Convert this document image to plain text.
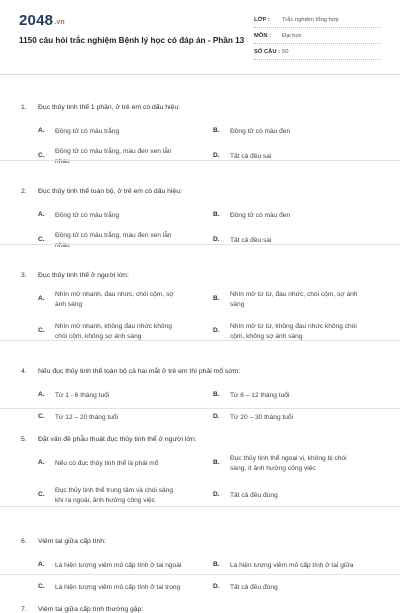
2048.vn
1150 câu hỏi trắc nghiệm Bệnh lý học có đáp án - Phần 13
LỚP : Trắc nghiệm tổng hợp
MÔN : Đại học
SỐ CÂU : 50
1. Đục thủy tinh thể 1 phần, ở trẻ em có dấu hiệu:
A. Đồng tử có màu trắng	B. Đồng tử có màu đen
C.
Đồng tử có màu trắng, màu đen xen lẫn
nhau
D. Tất cả đều sai
2. Đục thủy tinh thể toàn bộ, ở trẻ em có dấu hiệu:
A. Đồng tử có màu trắng	B. Đồng tử có màu đen
C.
Đồng tử có màu trắng, màu đen xen lẫn
nhau
D. Tất cả đều sai
3. Đục thủy tinh thể ở người lớn:
A.
Nhìn mờ nhanh, đau nhức, chói cộm, sợ
ánh sáng
B.
Nhìn mờ từ từ, đau nhức, chói cộm, sợ ánh
sáng
C.
Nhìn mờ nhanh, không đau nhức không
chói cộm, không sợ ánh sáng
D.
Nhìn mờ từ từ, không đau nhức không chói
cộm, không sợ ánh sáng
4. Nếu đục thủy tinh thể toàn bộ cả hai mắt ở trẻ em thì phải mổ sớm:
A. Từ 1 - 6 tháng tuổi	B. Từ 6 – 12 tháng tuổi
C. Từ 12 – 20 tháng tuổi	D. Từ 20 – 30 tháng tuổi
5. Đặt vấn đề phẫu thuật đục thủy tinh thể ở người lớn:
A. Nếu có đục thủy tinh thể là phải mổ	B.
Đục thủy tinh thể ngoại vi, không bị chói
sáng, ít ảnh hưởng công việc
C.
Đục thủy tinh thể trung tâm và chói sáng
khi ra ngoài, ảnh hưởng công việc
D. Tất cả đều đúng
6. Viêm tai giữa cấp tính:
A. Là hiện tượng viêm mủ cấp tính ở tai ngoài	B. Là hiện tượng viêm mủ cấp tính ở tai giữa
C. Là hiện tượng viêm mủ cấp tính ở tai trong	D. Tất cả đều đúng
7. Viêm tai giữa cấp tính thường gặp:
